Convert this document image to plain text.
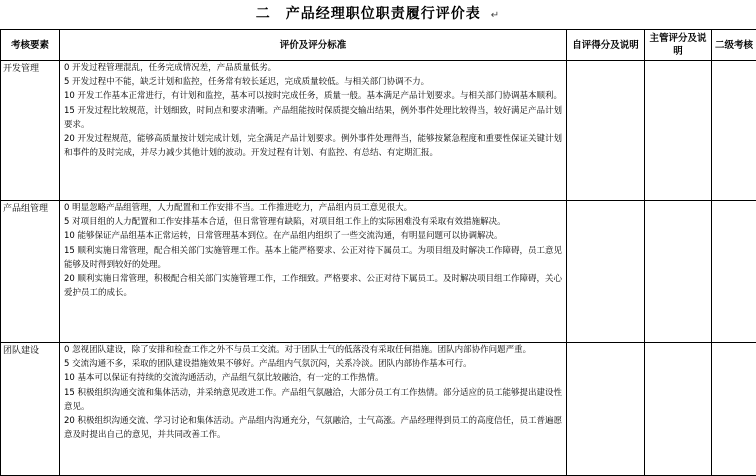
二　产品经理职位职责履行评价表 ↵
考核要素	评价及评分标准	自评得分及说明	主管评分及说明	二级考核
开发管理	0 开发过程管理混乱，任务完成情况差，产品质量低劣。
5 开发过程中不能，缺乏计划和监控，任务常有较长延迟，完成质量较低。与相关部门协调不力。
10 开发工作基本正常进行，有计划和监控，基本可以按时完成任务，质量一般。基本满足产品计划要求。与相关部门协调基本顺利。
15 开发过程比较规范，计划细致，时间点和要求清晰。产品组能按时保质提交输出结果，例外事件处理比较得当，较好满足产品计划要求。
20 开发过程规范，能够高质量按计划完成计划，完全满足产品计划要求。例外事件处理得当，能够按紧急程度和重要性保证关键计划和事件的及时完成，并尽力减少其他计划的波动。开发过程有计划、有监控、有总结、有定期汇报。			

产品组管理	0 明显忽略产品组管理，人力配置和工作安排不当。工作推进吃力，产品组内员工意见很大。
5 对项目组的人力配置和工作安排基本合适，但日常管理有缺陷，对项目组工作上的实际困难没有采取有效措施解决。
10 能够保证产品组基本正常运转，日常管理基本到位。在产品组内组织了一些交流沟通，有明显问题可以协调解决。
15 顺利实施日常管理，配合相关部门实施管理工作。基本上能严格要求、公正对待下属员工。为项目组及时解决工作障碍，员工意见能够及时得到较好的处理。
20 顺利实施日常管理，积极配合相关部门实施管理工作，工作细致。严格要求、公正对待下属员工。及时解决项目组工作障碍，关心爱护员工的成长。			

团队建设	0 忽视团队建设，除了安排和检查工作之外不与员工交流。对于团队士气的低落没有采取任何措施。团队内部协作问题严重。
5 交流沟通不多，采取的团队建设措施效果不够好。产品组内气氛沉闷，关系冷淡。团队内部协作基本可行。
10 基本可以保证有持续的交流沟通活动，产品组气氛比较融洽，有一定的工作热情。
15 积极组织沟通交流和集体活动，并采纳意见改进工作。产品组气氛融洽，大部分员工有工作热情。部分适应的员工能够提出建设性意见。
20 积极组织沟通交流、学习讨论和集体活动。产品组内沟通充分，气氛融洽，士气高涨。产品经理得到员工的高度信任，员工普遍愿意及时提出自己的意见，并共同改善工作。			
